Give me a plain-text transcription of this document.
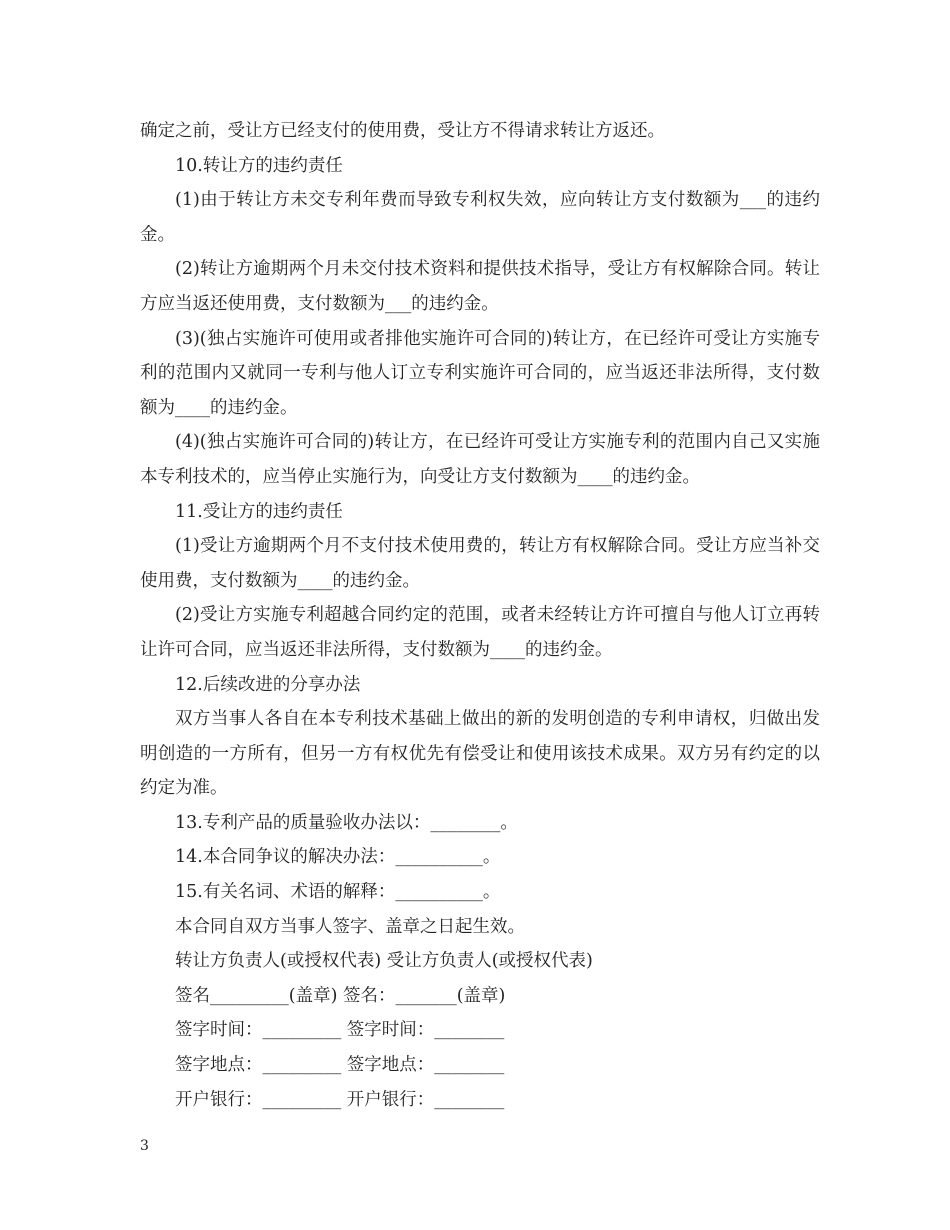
确定之前，受让方已经支付的使用费，受让方不得请求转让方返还。

10.转让方的违约责任

(1)由于转让方未交专利年费而导致专利权失效，应向转让方支付数额为___的违约金。

(2)转让方逾期两个月未交付技术资料和提供技术指导，受让方有权解除合同。转让方应当返还使用费，支付数额为___的违约金。

(3)(独占实施许可使用或者排他实施许可合同的)转让方，在已经许可受让方实施专利的范围内又就同一专利与他人订立专利实施许可合同的，应当返还非法所得，支付数额为____的违约金。

(4)(独占实施许可合同的)转让方，在已经许可受让方实施专利的范围内自己又实施本专利技术的，应当停止实施行为，向受让方支付数额为____的违约金。

11.受让方的违约责任

(1)受让方逾期两个月不支付技术使用费的，转让方有权解除合同。受让方应当补交使用费，支付数额为____的违约金。

(2)受让方实施专利超越合同约定的范围，或者未经转让方许可擅自与他人订立再转让许可合同，应当返还非法所得，支付数额为____的违约金。

12.后续改进的分享办法

双方当事人各自在本专利技术基础上做出的新的发明创造的专利申请权，归做出发明创造的一方所有，但另一方有权优先有偿受让和使用该技术成果。双方另有约定的以约定为准。

13.专利产品的质量验收办法以：________。

14.本合同争议的解决办法：__________。

15.有关名词、术语的解释：__________。

本合同自双方当事人签字、盖章之日起生效。

转让方负责人(或授权代表) 受让方负责人(或授权代表)

签名_________(盖章) 签名：_______(盖章)

签字时间：_________ 签字时间：________

签字地点：_________ 签字地点：________

开户银行：_________ 开户银行：________

3
